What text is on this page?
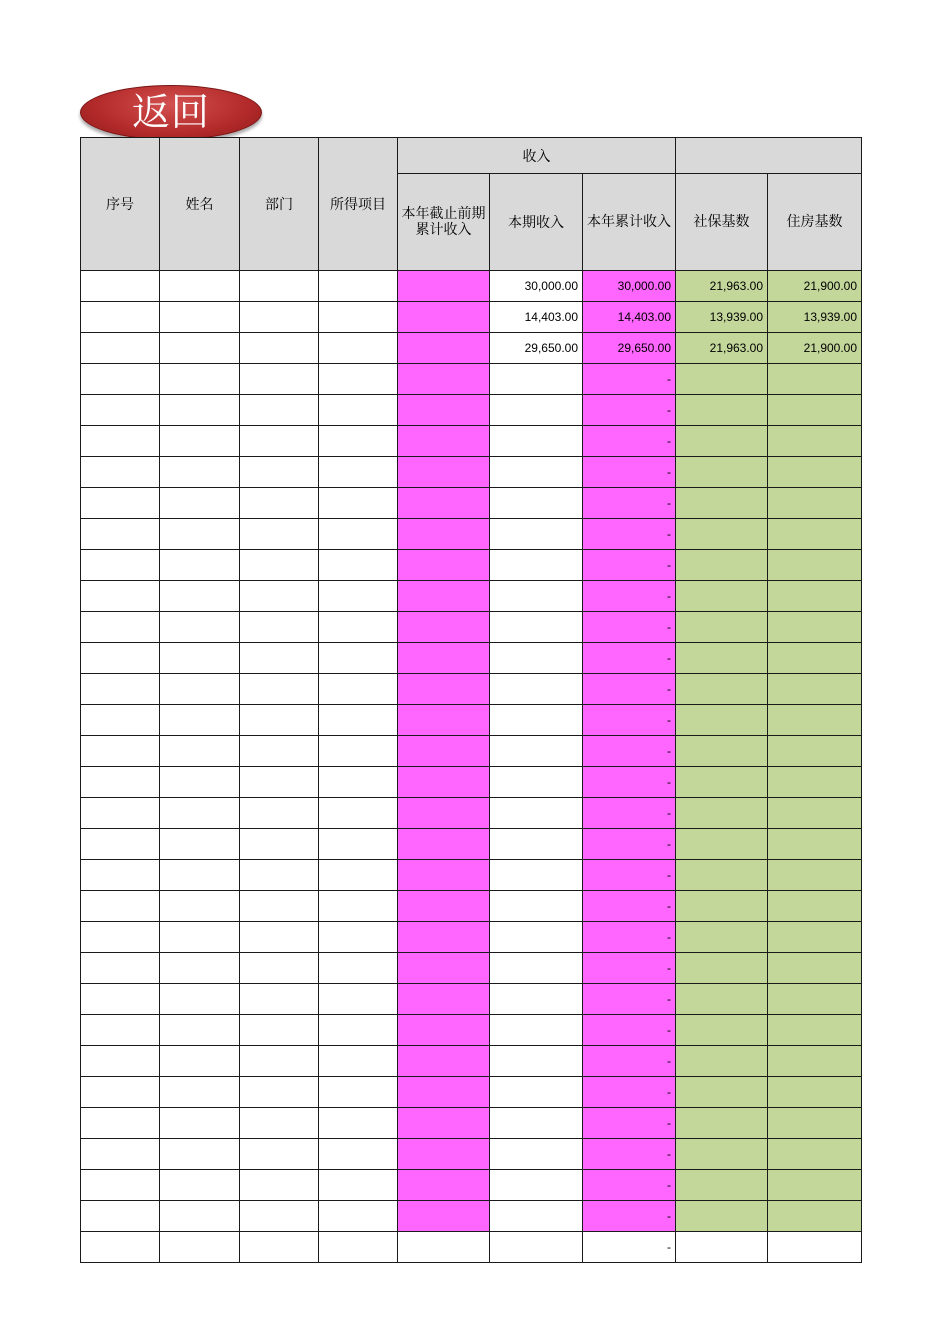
返回
序号	姓名	部门	所得项目	收入				
				本年截止前期累计收入	本期收入	本年累计收入	社保基数	住房基数
					30,000.00	30,000.00	21,963.00	21,900.00
					14,403.00	14,403.00	13,939.00	13,939.00
					29,650.00	29,650.00	21,963.00	21,900.00
						-		
						-		
						-		
						-		
						-		
						-		
						-		
						-		
						-		
						-		
						-		
						-		
						-		
						-		
						-		
						-		
						-		
						-		
						-		
						-		
						-		
						-		
						-		
						-		
						-		
						-		
						-		
						-		
						-		
